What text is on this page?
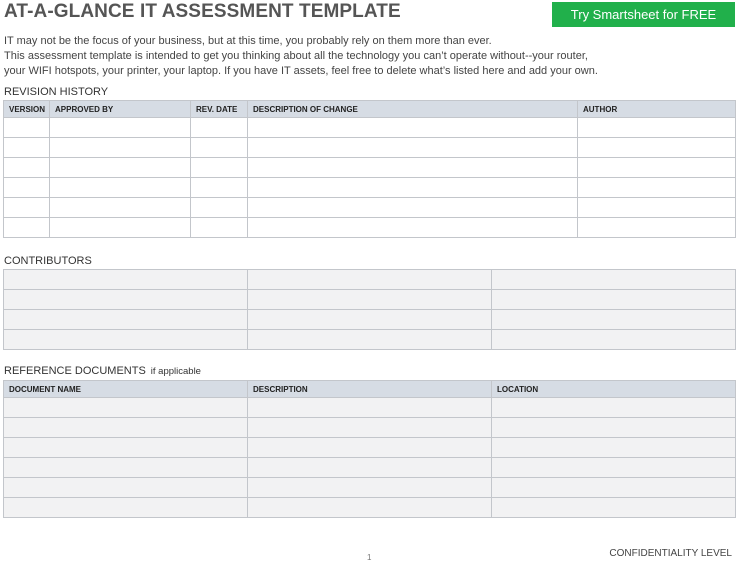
AT-A-GLANCE IT ASSESSMENT TEMPLATE	Try Smartsheet for FREE
IT may not be the focus of your business, but at this time, you probably rely on them more than ever.
This assessment template is intended to get you thinking about all the technology you can’t operate without--your router,
your WIFI hotspots, your printer, your laptop. If you have IT assets, feel free to delete what’s listed here and add your own.
REVISION HISTORY
VERSION	APPROVED BY	REV. DATE	DESCRIPTION OF CHANGE	AUTHOR

CONTRIBUTORS

REFERENCE DOCUMENTS if applicable
DOCUMENT NAME	DESCRIPTION	LOCATION

1	CONFIDENTIALITY LEVEL
